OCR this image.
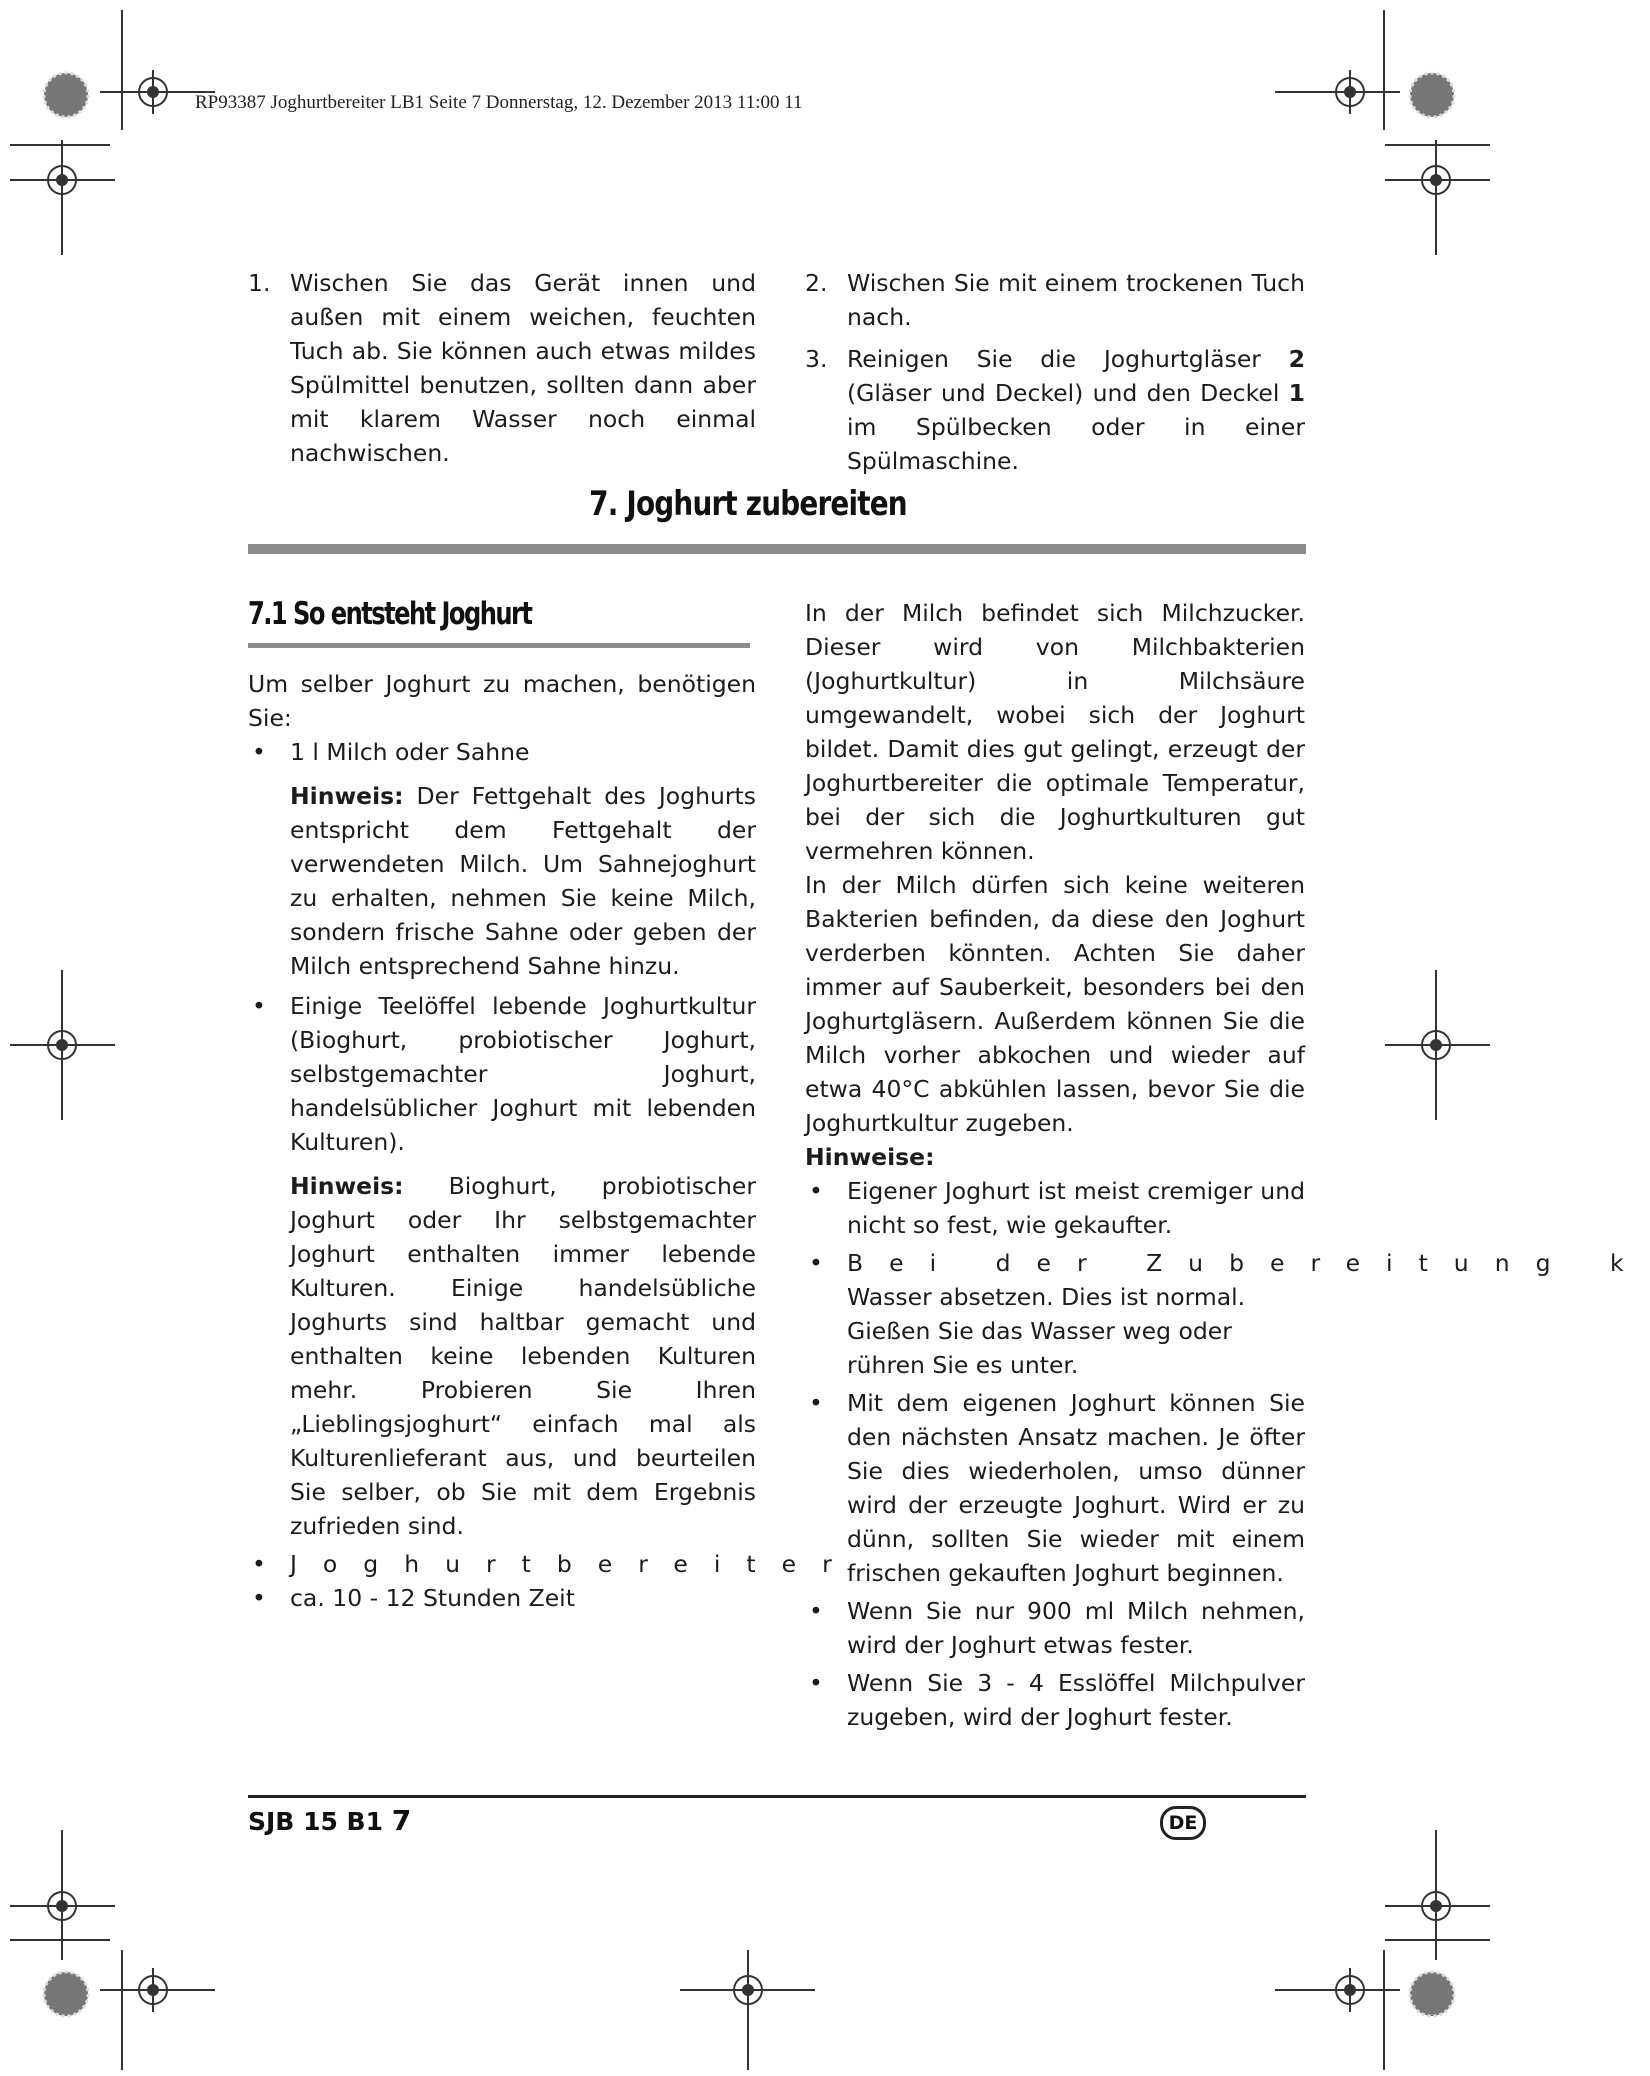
RP93387 Joghurtbereiter LB1 Seite 7 Donnerstag, 12. Dezember 2013 11:00 11

1. Wischen Sie das Gerät innen und außen mit einem weichen, feuchten Tuch ab. Sie können auch etwas mildes Spülmittel benutzen, sollten dann aber mit klarem Wasser noch einmal nachwischen.

2. Wischen Sie mit einem trockenen Tuch nach.

3. Reinigen Sie die Joghurtgläser 2 (Gläser und Deckel) und den Deckel 1 im Spülbecken oder in einer Spülmaschine.

7. Joghurt zubereiten
7.1 So entsteht Joghurt

Um selber Joghurt zu machen, benötigen Sie:

• 1 l Milch oder Sahne

Hinweis: Der Fettgehalt des Joghurts entspricht dem Fettgehalt der verwendeten Milch. Um Sahnejoghurt zu erhalten, nehmen Sie keine Milch, sondern frische Sahne oder geben der Milch entsprechend Sahne hinzu.

• Einige Teelöffel lebende Joghurtkultur (Bioghurt, probiotischer Joghurt, selbstgemachter Joghurt, handelsüblicher Joghurt mit lebenden Kulturen).

Hinweis: Bioghurt, probiotischer Joghurt oder Ihr selbstgemachter Joghurt enthalten immer lebende Kulturen. Einige handelsübliche Joghurts sind haltbar gemacht und enthalten keine lebenden Kulturen mehr. Probieren Sie Ihren „Lieblingsjoghurt“ einfach mal als Kulturenlieferant aus, und beurteilen Sie selber, ob Sie mit dem Ergebnis zufrieden sind.

• Joghurtbereiter

• ca. 10 - 12 Stunden Zeit

In der Milch befindet sich Milchzucker. Dieser wird von Milchbakterien (Joghurtkultur) in Milchsäure umgewandelt, wobei sich der Joghurt bildet. Damit dies gut gelingt, erzeugt der Joghurtbereiter die optimale Temperatur, bei der sich die Joghurtkulturen gut vermehren können.

In der Milch dürfen sich keine weiteren Bakterien befinden, da diese den Joghurt verderben könnten. Achten Sie daher immer auf Sauberkeit, besonders bei den Joghurtgläsern. Außerdem können Sie die Milch vorher abkochen und wieder auf etwa 40°C abkühlen lassen, bevor Sie die Joghurtkultur zugeben.

Hinweise:

• Eigener Joghurt ist meist cremiger und nicht so fest, wie gekaufter.

• Bei der Zubereitung k
Wasser absetzen. Dies ist normal. Gießen Sie das Wasser weg oder rühren Sie es unter.

• Mit dem eigenen Joghurt können Sie den nächsten Ansatz machen. Je öfter Sie dies wiederholen, umso dünner wird der erzeugte Joghurt. Wird er zu dünn, sollten Sie wieder mit einem frischen gekauften Joghurt beginnen.

• Wenn Sie nur 900 ml Milch nehmen, wird der Joghurt etwas fester.

• Wenn Sie 3 - 4 Esslöffel Milchpulver zugeben, wird der Joghurt fester.

SJB 15 B1 7	DE
